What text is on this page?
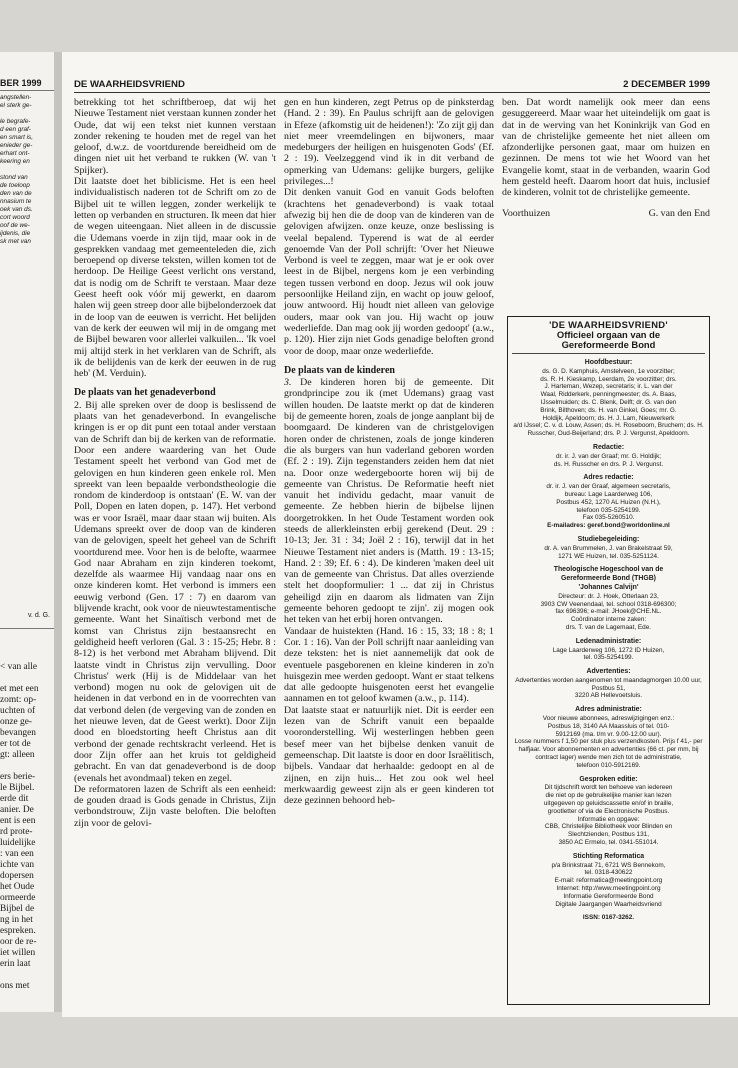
BER 1999
angstellen-
el sterk ge-
le begrafe-
d een graf-
en smart is,
enieder ge-
erhart ont-
keering en
stond van
de toeloop
den van de
nnasium te
oek van ds.
cort woord
oof de we-
ijdenis, die
sk met van
v. d. G.
< van alle
et met een
zomt: op-
uchten of
onze ge-
bevangen
er tot de
gt: alleen
ers berie-
le Bijbel.
erde dit
anier. De
ent is een
rd prote-
luidelijke
: van een
ichte van
dopersen
het Oude
ormeerde
Bijbel de
ng in het
espreken.
oor de re-
iet willen
erin laat
ons met
DE WAARHEIDSVRIEND	2 DECEMBER 1999

betrekking tot het schriftberoep, dat wij het Nieuwe Testament niet verstaan kunnen zonder het Oude, dat wij een tekst niet kunnen verstaan zonder rekening te houden met de regel van het geloof, d.w.z. de voortdurende bereidheid om de dingen niet uit het verband te rukken (W. van 't Spijker).

Dit laatste doet het biblicisme. Het is een heel individualistisch naderen tot de Schrift om zo de Bijbel uit te willen leggen, zonder werkelijk te letten op verbanden en structuren. Ik meen dat hier de wegen uiteengaan. Niet alleen in de discussie die Udemans voerde in zijn tijd, maar ook in de gesprekken vandaag met gemeenteleden die, zich beroepend op diverse teksten, willen komen tot de herdoop. De Heilige Geest verlicht ons verstand, dat is nodig om de Schrift te verstaan. Maar deze Geest heeft ook vóór mij gewerkt, en daarom halen wij geen streep door alle bijbelonderzoek dat in de loop van de eeuwen is verricht. Het belijden van de kerk der eeuwen wil mij in de omgang met de Bijbel bewaren voor allerlei valkuilen... 'Ik voel mij altijd sterk in het verklaren van de Schrift, als ik de belijdenis van de kerk der eeuwen in de rug heb' (M. Verduin).

De plaats van het genadeverbond

2. Bij alle spreken over de doop is beslissend de plaats van het genadeverbond. In evangelische kringen is er op dit punt een totaal ander verstaan van de Schrift dan bij de kerken van de reformatie. Door een andere waardering van het Oude Testament speelt het verbond van God met de gelovigen en hun kinderen geen enkele rol. Men spreekt van leen bepaalde verbondstheologie die rondom de kinderdoop is ontstaan' (E. W. van der Poll, Dopen en laten dopen, p. 147). Het verbond was er voor Israël, maar daar staan wij buiten. Als Udemans spreekt over de doop van de kinderen van de gelovigen, speelt het geheel van de Schrift voortdurend mee. Voor hen is de belofte, waarmee God naar Abraham en zijn kinderen toekomt, dezelfde als waarmee Hij vandaag naar ons en onze kinderen komt. Het verbond is immers een eeuwig verbond (Gen. 17 : 7) en daarom van blijvende kracht, ook voor de nieuwtestamentische gemeente. Want het Sinaïtisch verbond met de komst van Christus zijn bestaansrecht en geldigheid heeft verloren (Gal. 3 : 15-25; Hebr. 8 : 8-12) is het verbond met Abraham blijvend. Dit laatste vindt in Christus zijn vervulling. Door Christus' werk (Hij is de Middelaar van het verbond) mogen nu ook de gelovigen uit de heidenen in dat verbond en in de voorrechten van dat verbond delen (de vergeving van de zonden en het nieuwe leven, dat de Geest werkt). Door Zijn dood en bloedstorting heeft Christus aan dit verbond der genade rechtskracht verleend. Het is door Zijn offer aan het kruis tot geldigheid gebracht. En van dat genadeverbond is de doop (evenals het avondmaal) teken en zegel.

De reformatoren lazen de Schrift als een eenheid: de gouden draad is Gods genade in Christus, Zijn verbondstrouw, Zijn vaste beloften. Die beloften zijn voor de gelovi-

gen en hun kinderen, zegt Petrus op de pinksterdag (Hand. 2 : 39). En Paulus schrijft aan de gelovigen in Efeze (afkomstig uit de heidenen!): 'Zo zijt gij dan niet meer vreemdelingen en bijwoners, maar medeburgers der heiligen en huisgenoten Gods' (Ef. 2 : 19). Veelzeggend vind ik in dit verband de opmerking van Udemans: gelijke burgers, gelijke privileges...!

Dit denken vanuit God en vanuit Gods beloften (krachtens het genadeverbond) is vaak totaal afwezig bij hen die de doop van de kinderen van de gelovigen afwijzen. onze keuze, onze beslissing is veelal bepalend. Typerend is wat de al eerder genoemde Van der Poll schrijft: 'Over het Nieuwe Verbond is veel te zeggen, maar wat je er ook over leest in de Bijbel, nergens kom je een verbinding tegen tussen verbond en doop. Jezus wil ook jouw persoonlijke Heiland zijn, en wacht op jouw geloof, jouw antwoord. Hij houdt niet alleen van gelovige ouders, maar ook van jou. Hij wacht op jouw wederliefde. Dan mag ook jij worden gedoopt' (a.w., p. 120). Hier zijn niet Gods genadige beloften grond voor de doop, maar onze wederliefde.

De plaats van de kinderen

3. De kinderen horen bij de gemeente. Dit grondprincipe zou ik (met Udemans) graag vast willen houden. De laatste merkt op dat de kinderen bij de gemeente horen, zoals de jonge aanplant bij de boomgaard. De kinderen van de christgelovigen horen onder de christenen, zoals de jonge kinderen die als burgers van hun vaderland geboren worden (Ef. 2 : 19). Zijn tegenstanders zeiden hem dat niet na. Door onze wedergeboorte horen wij bij de gemeente van Christus. De Reformatie heeft niet vanuit het individu gedacht, maar vanuit de gemeente. Ze hebben hierin de bijbelse lijnen doorgetrokken. In het Oude Testament worden ook steeds de allerkleinsten erbij gerekend (Deut. 29 : 10-13; Jer. 31 : 34; Joël 2 : 16), terwijl dat in het Nieuwe Testament niet anders is (Matth. 19 : 13-15; Hand. 2 : 39; Ef. 6 : 4). De kinderen 'maken deel uit van de gemeente van Christus. Dat alles overziende stelt het doopformulier: 1 ... dat zij in Christus geheiligd zijn en daarom als lidmaten van Zijn gemeente behoren gedoopt te zijn'. zij mogen ook het teken van het erbij horen ontvangen.

Vandaar de huistekten (Hand. 16 : 15, 33; 18 : 8; 1 Cor. 1 : 16). Van der Poll schrijft naar aanleiding van deze teksten: het is niet aannemelijk dat ook de eventuele pasgeborenen en kleine kinderen in zo'n huisgezin mee werden gedoopt. Want er staat telkens dat alle gedoopte huisgenoten eerst het evangelie aannamen en tot geloof kwamen (a.w., p. 114).

Dat laatste staat er natuurlijk niet. Dit is eerder een lezen van de Schrift vanuit een bepaalde vooronderstelling. Wij westerlingen hebben geen besef meer van het bijbelse denken vanuit de gemeenschap. Dit laatste is door en door Israëlitisch, bijbels. Vandaar dat herhaalde: gedoopt en al de zijnen, en zijn huis... Het zou ook wel heel merkwaardig geweest zijn als er geen kinderen tot deze gezinnen behoord heb-

ben. Dat wordt namelijk ook meer dan eens gesuggereerd. Maar waar het uiteindelijk om gaat is dat in de werving van het Koninkrijk van God en van de christelijke gemeente het niet alleen om afzonderlijke personen gaat, maar om huizen en gezinnen. De mens tot wie het Woord van het Evangelie komt, staat in de verbanden, waarin God hem gesteld heeft. Daarom hoort dat huis, inclusief de kinderen, volnit tot de christelijke gemeente.

Voorthuizen	G. van den End
'DE WAARHEIDSVRIEND'
Officieel orgaan van de
Gereformeerde Bond
Hoofdbestuur:
ds. G. D. Kamphuis, Amstelveen, 1e voorzitter;
ds. R. H. Kieskamp, Leerdam, 2e voorzitter; drs.
J. Harteman, Wezep, secretaris; ir. L. van der
Waal, Ridderkerk, penningmeester; ds. A. Baas,
IJsselmuiden; ds. C. Blenk, Delft; dr. G. van den
Brink, Bilthoven; ds. H. van Ginkel, Goes; mr. G.
Holdijk, Apeldoorn; ds. H. J. Lam, Nieuwerkerk
a/d IJssel; C. v. d. Louw, Assen; ds. H. Roseboom, Bruchem; ds. H. Russcher, Oud-Beijerland; drs. P. J. Vergunst, Apeldoorn.
Redactie:
dr. ir. J. van der Graaf; mr. G. Holdijk;
ds. H. Russcher en drs. P. J. Vergunst.
Adres redactie:
dr. ir. J. van der Graaf, algemeen secretaris,
bureau: Lage Laarderweg 106,
Postbus 452, 1270 AL Huizen (N.H.),
telefoon 035-5254199.
Fax 035-5260510.
E-mailadres: geref.bond@worldonline.nl
Studiebegeleiding:
dr. A. van Brummelen, J. van Brakelstraat 59,
1271 WE Huizen, tel. 035-5251124.
Theologische Hogeschool van de
Gereformeerde Bond (THGB)
'Johannes Calvijn'
Directeur: dr. J. Hoek, Otterlaan 23,
3903 CW Veenendaal, tel. school 0318-696300;
fax 696396; e-mail: JHoek@CHE.NL.
Coördinator interne zaken:
drs. T. van de Lagemaat, Ede.
Ledenadministratie:
Lage Laarderweg 106, 1272 ID Huizen,
tel. 035-5254199.
Advertenties:
Advertenties worden aangenomen tot maandagmorgen 10.00 uur, Postbus 51,
3220 AB Hellevoetsluis.
Adres administratie:
Voor nieuwe abonnees, adreswijzigingen enz.:
Postbus 18, 3140 AA Maassluis of tel. 010-
5912169 (ma. t/m vr. 9.00-12.00 uur).
Losse nummers f 1,50 per stuk plus verzendkosten. Prijs f 41,- per halfjaar. Voor abonnementen en advertenties (66 ct. per mm, bij contract lager) wende men zich tot de administratie,
telefoon 010-5912169.
Gesproken editie:
Dit tijdschrift wordt ten behoeve van iedereen
die niet op de gebruikelijke manier kan lezen
uitgegeven op geluidscassette en/of in braille,
grootletter of via de Electronische Postbus.
Informatie en opgave:
CBB, Christelijke Bibliotheek voor Blinden en
Slechtzienden, Postbus 131,
3850 AC Ermelo, tel. 0341-551014.
Stichting Reformatica
p/a Brinkstraat 71, 6721 WS Bennekom,
tel. 0318-430622
E-mail: reformatica@meetingpoint.org
Internet: http://www.meetingpoint.org
Informatie Gereformeerde Bond
Digitale Jaargangen Waarheidsvriend
ISSN: 0167-3262.
